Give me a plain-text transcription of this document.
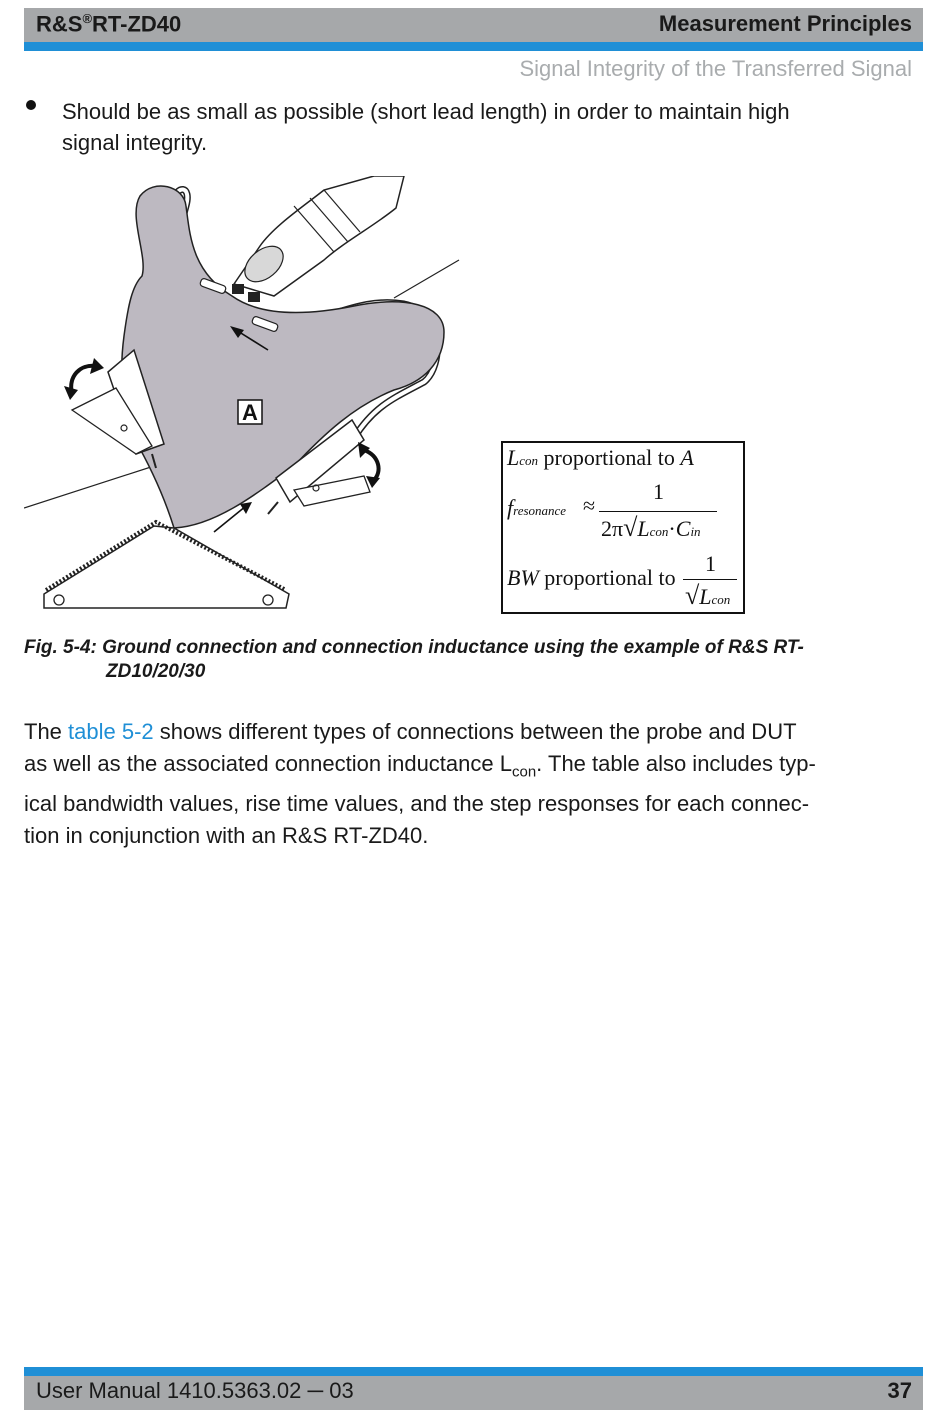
R&S®RT-ZD40	Measurement Principles
Signal Integrity of the Transferred Signal
Should be as small as possible (short lead length) in order to maintain high
signal integrity.
A
Lcon proportional to A
fresonance ≈
1
2π√Lcon·Cin
BW proportional to
1
√Lcon
Fig. 5-4: Ground connection and connection inductance using the example of R&S RT-
ZD10/20/30
The table 5-2 shows different types of connections between the probe and DUT
as well as the associated connection inductance $L_{con}$. The table also includes typ-
ical bandwidth values, rise time values, and the step responses for each connec-
tion in conjunction with an R&S RT-ZD40.
User Manual 1410.5363.02 ─ 03	37
